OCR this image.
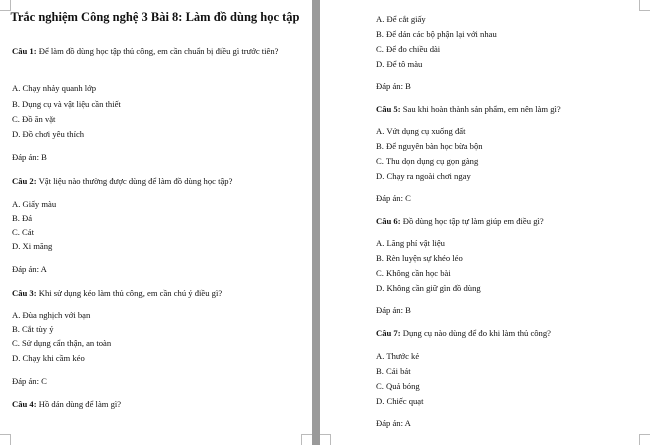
Trắc nghiệm Công nghệ 3 Bài 8: Làm đồ dùng học tập
Câu 1: Để làm đồ dùng học tập thủ công, em cần chuẩn bị điều gì trước tiên?
A. Chạy nhảy quanh lớp
B. Dụng cụ và vật liệu cần thiết
C. Đồ ăn vặt
D. Đồ chơi yêu thích
Đáp án: B
Câu 2: Vật liệu nào thường được dùng để làm đồ dùng học tập?
A. Giấy màu
B. Đá
C. Cát
D. Xi măng
Đáp án: A
Câu 3: Khi sử dụng kéo làm thủ công, em cần chú ý điều gì?
A. Đùa nghịch với bạn
B. Cắt tùy ý
C. Sử dụng cẩn thận, an toàn
D. Chạy khi cầm kéo
Đáp án: C
Câu 4: Hồ dán dùng để làm gì?
A. Để cắt giấy
B. Để dán các bộ phận lại với nhau
C. Để đo chiều dài
D. Để tô màu
Đáp án: B
Câu 5: Sau khi hoàn thành sản phẩm, em nên làm gì?
A. Vứt dụng cụ xuống đất
B. Để nguyên bàn học bừa bộn
C. Thu dọn dụng cụ gọn gàng
D. Chạy ra ngoài chơi ngay
Đáp án: C
Câu 6: Đồ dùng học tập tự làm giúp em điều gì?
A. Lãng phí vật liệu
B. Rèn luyện sự khéo léo
C. Không cần học bài
D. Không cần giữ gìn đồ dùng
Đáp án: B
Câu 7: Dụng cụ nào dùng để đo khi làm thủ công?
A. Thước kẻ
B. Cái bát
C. Quả bóng
D. Chiếc quạt
Đáp án: A
